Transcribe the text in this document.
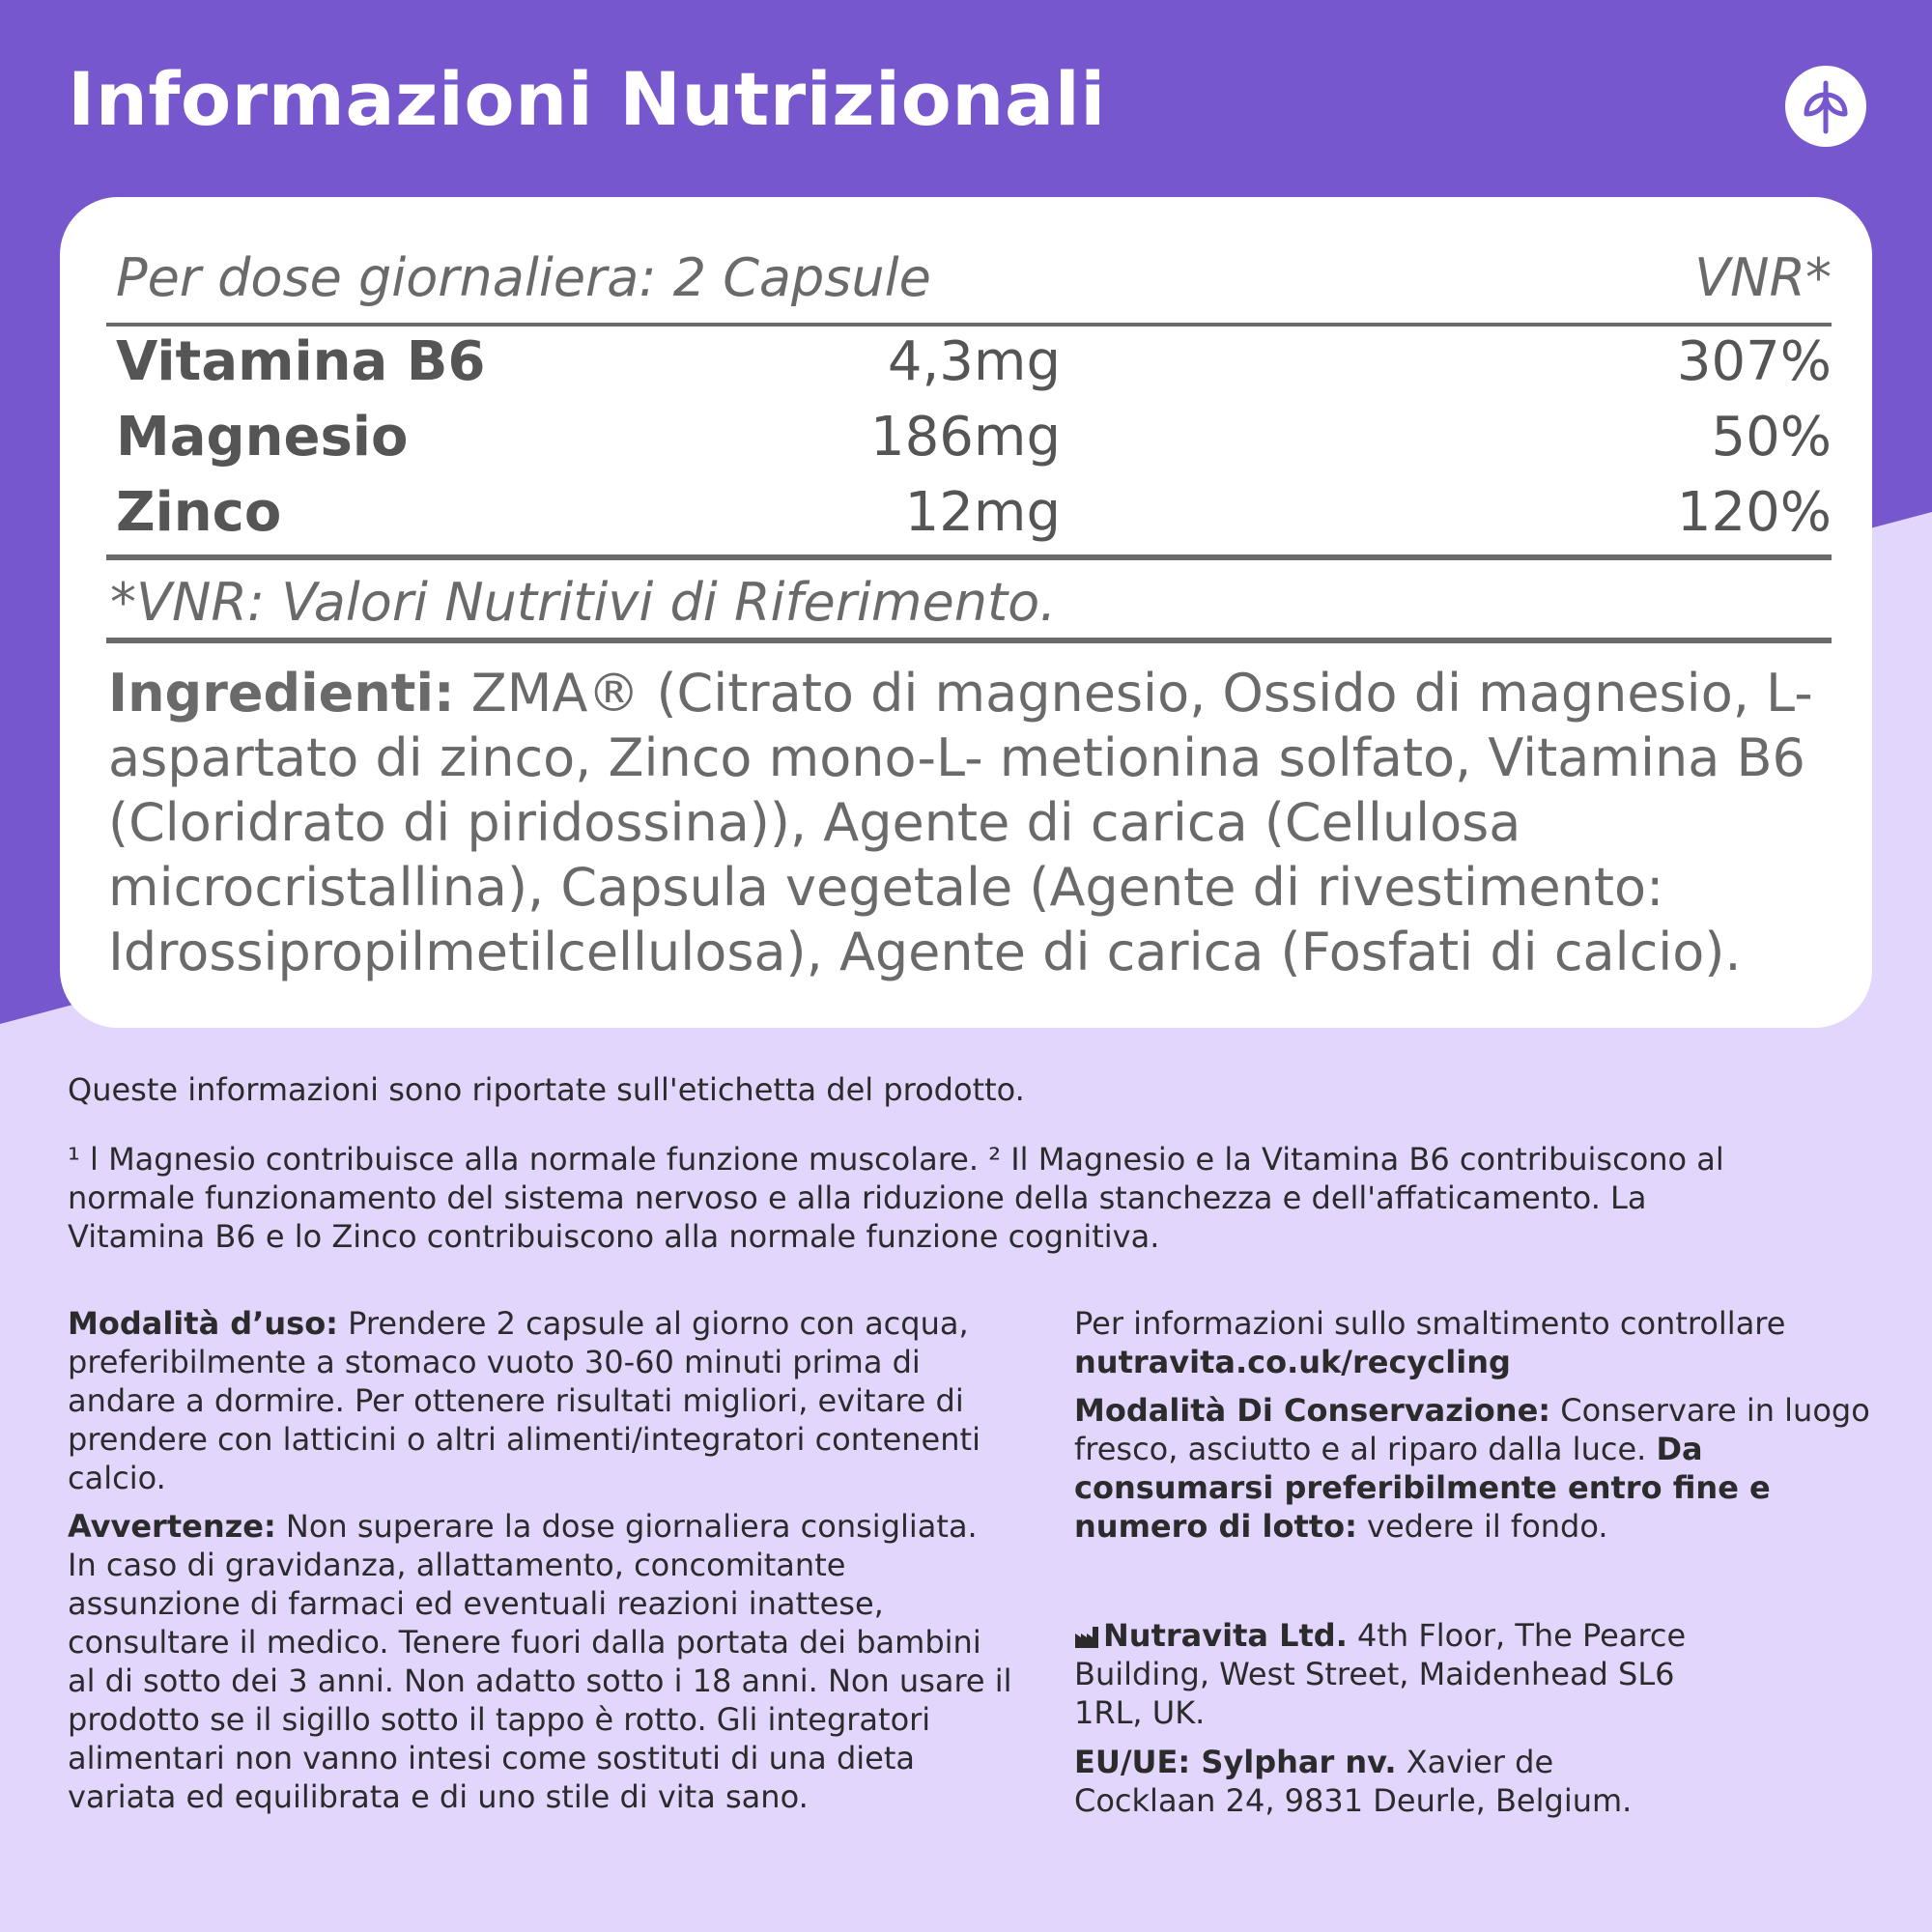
Informazioni Nutrizionali
Per dose giornaliera: 2 Capsule	VNR*
Vitamina B6	4,3mg	307%
Magnesio	186mg	50%
Zinco	12mg	120%

*VNR: Valori Nutritivi di Riferimento.

Ingredienti: ZMA® (Citrato di magnesio, Ossido di magnesio, L-aspartato di zinco, Zinco mono-L- metionina solfato, Vitamina B6 (Cloridrato di piridossina)), Agente di carica (Cellulosa microcristallina), Capsula vegetale (Agente di rivestimento: Idrossipropilmetilcellulosa), Agente di carica (Fosfati di calcio).

Queste informazioni sono riportate sull'etichetta del prodotto.

¹ l Magnesio contribuisce alla normale funzione muscolare. ² Il Magnesio e la Vitamina B6 contribuiscono al normale funzionamento del sistema nervoso e alla riduzione della stanchezza e dell'affaticamento. La Vitamina B6 e lo Zinco contribuiscono alla normale funzione cognitiva.

Modalità d’uso: Prendere 2 capsule al giorno con acqua, preferibilmente a stomaco vuoto 30-60 minuti prima di andare a dormire. Per ottenere risultati migliori, evitare di prendere con latticini o altri alimenti/integratori contenenti calcio.

Avvertenze: Non superare la dose giornaliera consigliata. In caso di gravidanza, allattamento, concomitante assunzione di farmaci ed eventuali reazioni inattese, consultare il medico. Tenere fuori dalla portata dei bambini al di sotto dei 3 anni. Non adatto sotto i 18 anni. Non usare il prodotto se il sigillo sotto il tappo è rotto. Gli integratori alimentari non vanno intesi come sostituti di una dieta variata ed equilibrata e di uno stile di vita sano.

Per informazioni sullo smaltimento controllare nutravita.co.uk/recycling

Modalità Di Conservazione: Conservare in luogo fresco, asciutto e al riparo dalla luce. Da consumarsi preferibilmente entro fine e numero di lotto: vedere il fondo.

Nutravita Ltd. 4th Floor, The Pearce Building, West Street, Maidenhead SL6 1RL, UK.

EU/UE: Sylphar nv. Xavier de Cocklaan 24, 9831 Deurle, Belgium.
